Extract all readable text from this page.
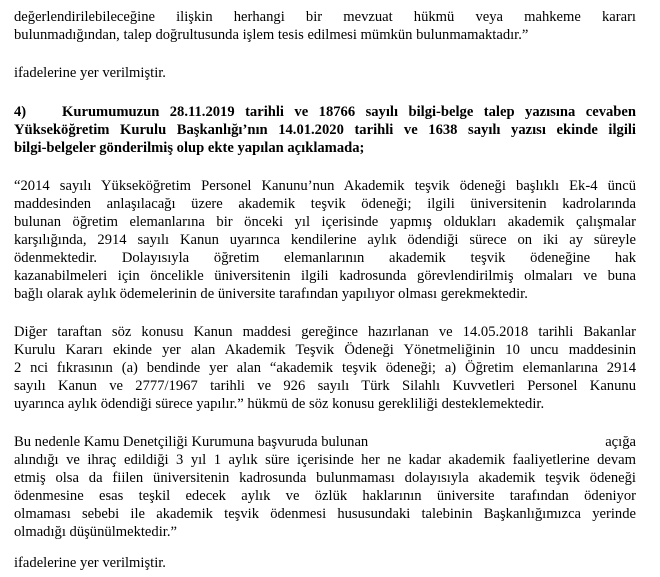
değerlendirilebileceğine ilişkin herhangi bir mevzuat hükmü veya mahkeme kararı
bulunmadığından, talep doğrultusunda işlem tesis edilmesi mümkün bulunmamaktadır.”
ifadelerine yer verilmiştir.
4) Kurumumuzun 28.11.2019 tarihli ve 18766 sayılı bilgi-belge talep yazısına cevaben
Yükseköğretim Kurulu Başkanlığı’nın 14.01.2020 tarihli ve 1638 sayılı yazısı ekinde ilgili
bilgi-belgeler gönderilmiş olup ekte yapılan açıklamada;
“2014 sayılı Yükseköğretim Personel Kanunu’nun Akademik teşvik ödeneği başlıklı Ek-4 üncü
maddesinden anlaşılacağı üzere akademik teşvik ödeneği; ilgili üniversitenin kadrolarında
bulunan öğretim elemanlarına bir önceki yıl içerisinde yapmış oldukları akademik çalışmalar
karşılığında, 2914 sayılı Kanun uyarınca kendilerine aylık ödendiği sürece on iki ay süreyle
ödenmektedir. Dolayısıyla öğretim elemanlarının akademik teşvik ödeneğine hak
kazanabilmeleri için öncelikle üniversitenin ilgili kadrosunda görevlendirilmiş olmaları ve buna
bağlı olarak aylık ödemelerinin de üniversite tarafından yapılıyor olması gerekmektedir.
Diğer taraftan söz konusu Kanun maddesi gereğince hazırlanan ve 14.05.2018 tarihli Bakanlar
Kurulu Kararı ekinde yer alan Akademik Teşvik Ödeneği Yönetmeliğinin 10 uncu maddesinin
2 nci fıkrasının (a) bendinde yer alan “akademik teşvik ödeneği; a) Öğretim elemanlarına 2914
sayılı Kanun ve 2777/1967 tarihli ve 926 sayılı Türk Silahlı Kuvvetleri Personel Kanunu
uyarınca aylık ödendiği sürece yapılır.” hükmü de söz konusu gerekliliği desteklemektedir.
Bu nedenle Kamu Denetçiliği Kurumuna başvuruda bulunan	açığa
alındığı ve ihraç edildiği 3 yıl 1 aylık süre içerisinde her ne kadar akademik faaliyetlerine devam
etmiş olsa da fiilen üniversitenin kadrosunda bulunmaması dolayısıyla akademik teşvik ödeneği
ödenmesine esas teşkil edecek aylık ve özlük haklarının üniversite tarafından ödeniyor
olmaması sebebi ile akademik teşvik ödenmesi hususundaki talebinin Başkanlığımızca yerinde
olmadığı düşünülmektedir.”
ifadelerine yer verilmiştir.
